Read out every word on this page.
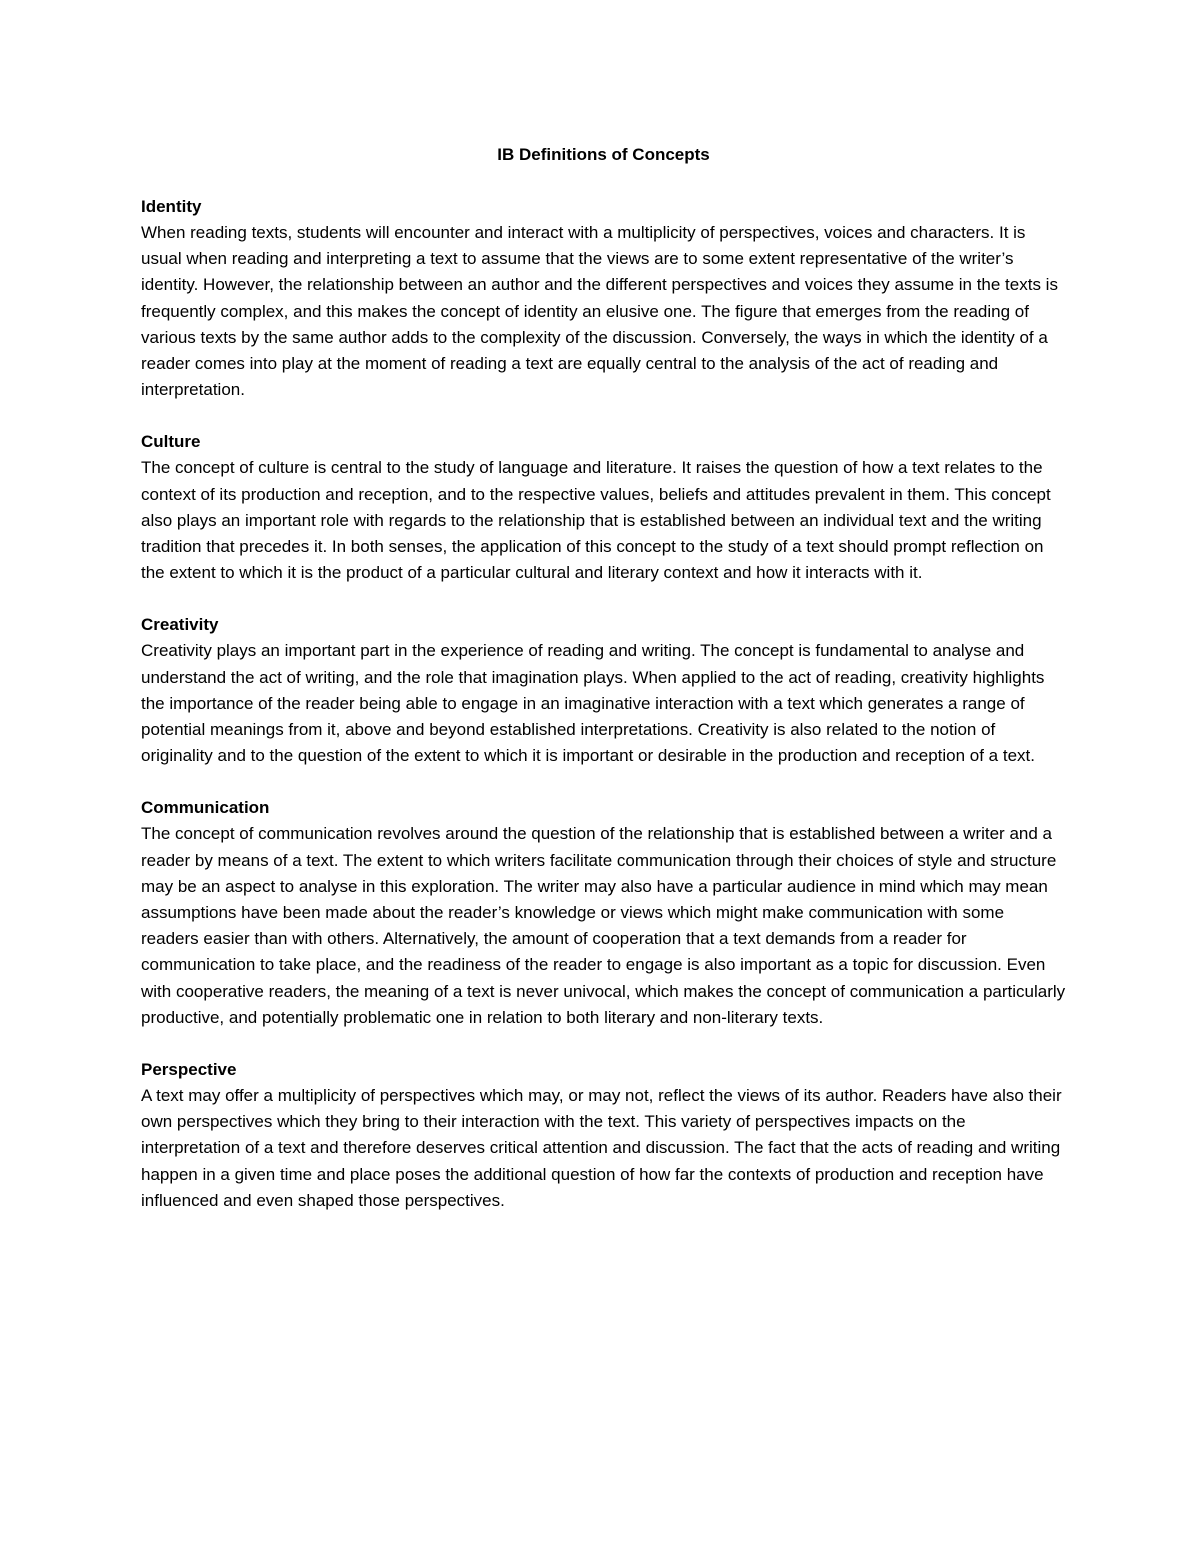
IB Definitions of Concepts
Identity

When reading texts, students will encounter and interact with a multiplicity of perspectives, voices and characters. It is usual when reading and interpreting a text to assume that the views are to some extent representative of the writer’s identity. However, the relationship between an author and the different perspectives and voices they assume in the texts is frequently complex, and this makes the concept of identity an elusive one. The figure that emerges from the reading of various texts by the same author adds to the complexity of the discussion. Conversely, the ways in which the identity of a reader comes into play at the moment of reading a text are equally central to the analysis of the act of reading and interpretation.

Culture

The concept of culture is central to the study of language and literature. It raises the question of how a text relates to the context of its production and reception, and to the respective values, beliefs and attitudes prevalent in them. This concept also plays an important role with regards to the relationship that is established between an individual text and the writing tradition that precedes it. In both senses, the application of this concept to the study of a text should prompt reflection on the extent to which it is the product of a particular cultural and literary context and how it interacts with it.

Creativity

Creativity plays an important part in the experience of reading and writing. The concept is fundamental to analyse and understand the act of writing, and the role that imagination plays. When applied to the act of reading, creativity highlights the importance of the reader being able to engage in an imaginative interaction with a text which generates a range of potential meanings from it, above and beyond established interpretations. Creativity is also related to the notion of originality and to the question of the extent to which it is important or desirable in the production and reception of a text.

Communication

The concept of communication revolves around the question of the relationship that is established between a writer and a reader by means of a text. The extent to which writers facilitate communication through their choices of style and structure may be an aspect to analyse in this exploration. The writer may also have a particular audience in mind which may mean assumptions have been made about the reader’s knowledge or views which might make communication with some readers easier than with others. Alternatively, the amount of cooperation that a text demands from a reader for communication to take place, and the readiness of the reader to engage is also important as a topic for discussion. Even with cooperative readers, the meaning of a text is never univocal, which makes the concept of communication a particularly productive, and potentially problematic one in relation to both literary and non-literary texts.

Perspective

A text may offer a multiplicity of perspectives which may, or may not, reflect the views of its author. Readers have also their own perspectives which they bring to their interaction with the text. This variety of perspectives impacts on the interpretation of a text and therefore deserves critical attention and discussion. The fact that the acts of reading and writing happen in a given time and place poses the additional question of how far the contexts of production and reception have influenced and even shaped those perspectives.
